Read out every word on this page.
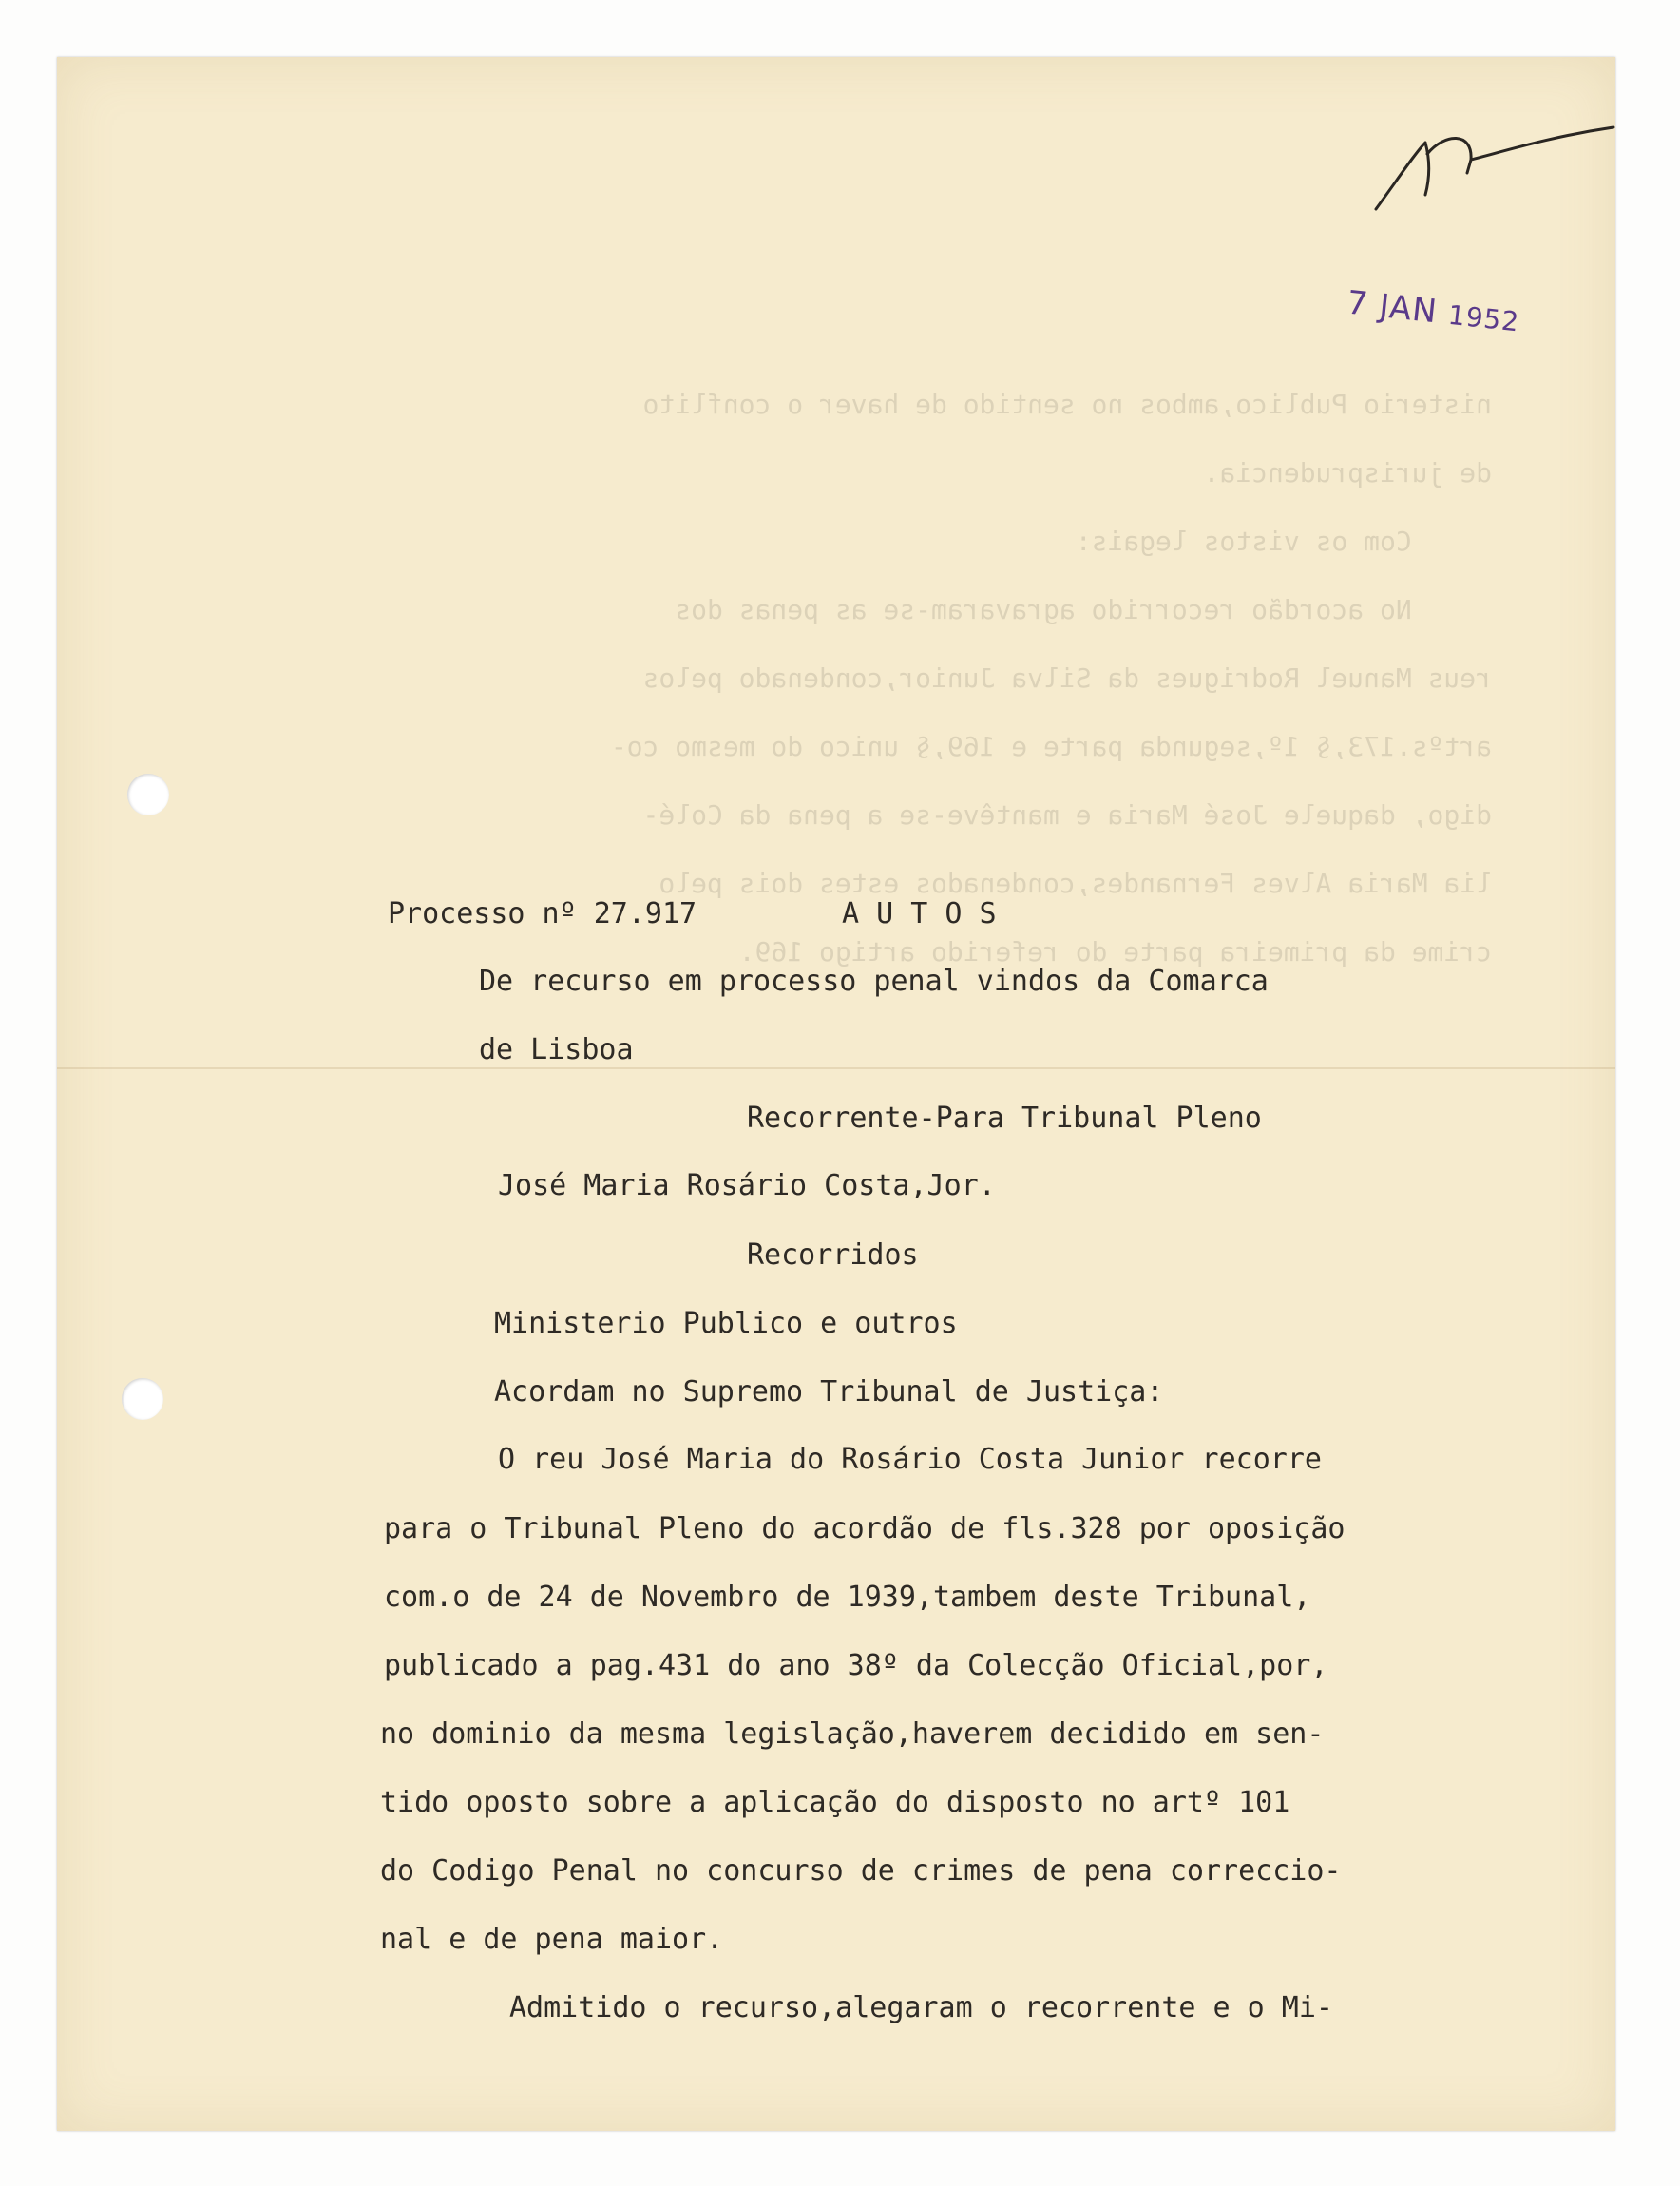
nisterio Publico,ambos no sentido de haver o conflito
de jurisprudencia.
Com os vistos legais:
No acordão recorrido agravaram-se as penas dos
reus Manuel Rodrigues da Silva Junior,condenado pelos
artºs.173,§ 1º,segunda parte e 169,§ unico do mesmo co-
digo, daquele José Maria e mantêve-se a pena da Colé-
lia Maria Alves Fernandes,condenados estes dois pelo
crime da primeira parte do referido artigo 169.

7 JAN 1952
Processo nº 27.917	A U T O S
De recurso em processo penal vindos da Comarca
de Lisboa
Recorrente-Para Tribunal Pleno
José Maria Rosário Costa,Jor.
Recorridos
Ministerio Publico e outros
Acordam no Supremo Tribunal de Justiça:
O reu José Maria do Rosário Costa Junior recorre
para o Tribunal Pleno do acordão de fls.328 por oposição
com.o de 24 de Novembro de 1939,tambem deste Tribunal,
publicado a pag.431 do ano 38º da Colecção Oficial,por,
no dominio da mesma legislação,haverem decidido em sen-
tido oposto sobre a aplicação do disposto no artº 101
do Codigo Penal no concurso de crimes de pena correccio-
nal e de pena maior.
Admitido o recurso,alegaram o recorrente e o Mi-
